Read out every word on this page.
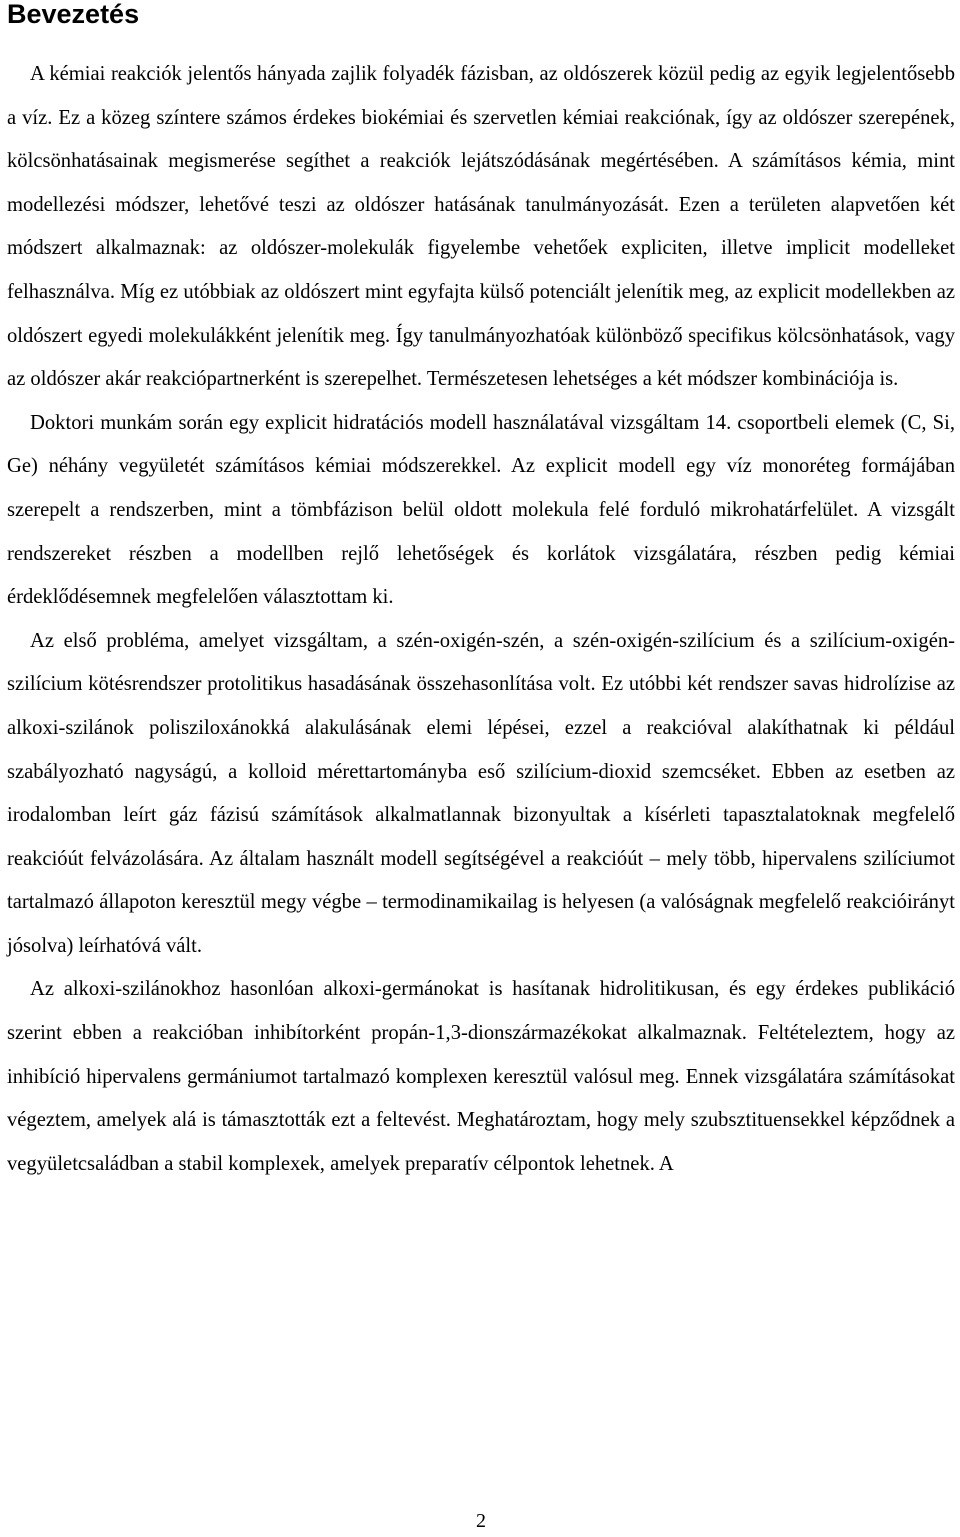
Bevezetés

A kémiai reakciók jelentős hányada zajlik folyadék fázisban, az oldószerek közül pedig az egyik legjelentősebb a víz. Ez a közeg színtere számos érdekes biokémiai és szervetlen kémiai reakciónak, így az oldószer szerepének, kölcsönhatásainak megismerése segíthet a reakciók lejátszódásának megértésében. A számításos kémia, mint modellezési módszer, lehetővé teszi az oldószer hatásának tanulmányozását. Ezen a területen alapvetően két módszert alkalmaznak: az oldószer-molekulák figyelembe vehetőek expliciten, illetve implicit modelleket felhasználva. Míg ez utóbbiak az oldószert mint egyfajta külső potenciált jelenítik meg, az explicit modellekben az oldószert egyedi molekulákként jelenítik meg. Így tanulmányozhatóak különböző specifikus kölcsönhatások, vagy az oldószer akár reakciópartnerként is szerepelhet. Természetesen lehetséges a két módszer kombinációja is.

Doktori munkám során egy explicit hidratációs modell használatával vizsgáltam 14. csoportbeli elemek (C, Si, Ge) néhány vegyületét számításos kémiai módszerekkel. Az explicit modell egy víz monoréteg formájában szerepelt a rendszerben, mint a tömbfázison belül oldott molekula felé forduló mikrohatárfelület. A vizsgált rendszereket részben a modellben rejlő lehetőségek és korlátok vizsgálatára, részben pedig kémiai érdeklődésemnek megfelelően választottam ki.

Az első probléma, amelyet vizsgáltam, a szén-oxigén-szén, a szén-oxigén-szilícium és a szilícium-oxigén-szilícium kötésrendszer protolitikus hasadásának összehasonlítása volt. Ez utóbbi két rendszer savas hidrolízise az alkoxi-szilánok polisziloxánokká alakulásának elemi lépései, ezzel a reakcióval alakíthatnak ki például szabályozható nagyságú, a kolloid mérettartományba eső szilícium-dioxid szemcséket. Ebben az esetben az irodalomban leírt gáz fázisú számítások alkalmatlannak bizonyultak a kísérleti tapasztalatoknak megfelelő reakcióút felvázolására. Az általam használt modell segítségével a reakcióút – mely több, hipervalens szilíciumot tartalmazó állapoton keresztül megy végbe – termodinamikailag is helyesen (a valóságnak megfelelő reakcióirányt jósolva) leírhatóvá vált.

Az alkoxi-szilánokhoz hasonlóan alkoxi-germánokat is hasítanak hidrolitikusan, és egy érdekes publikáció szerint ebben a reakcióban inhibítorként propán-1,3-dionszármazékokat alkalmaznak. Feltételeztem, hogy az inhibíció hipervalens germániumot tartalmazó komplexen keresztül valósul meg. Ennek vizsgálatára számításokat végeztem, amelyek alá is támasztották ezt a feltevést. Meghatároztam, hogy mely szubsztituensekkel képződnek a vegyületcsaládban a stabil komplexek, amelyek preparatív célpontok lehetnek. A

2
